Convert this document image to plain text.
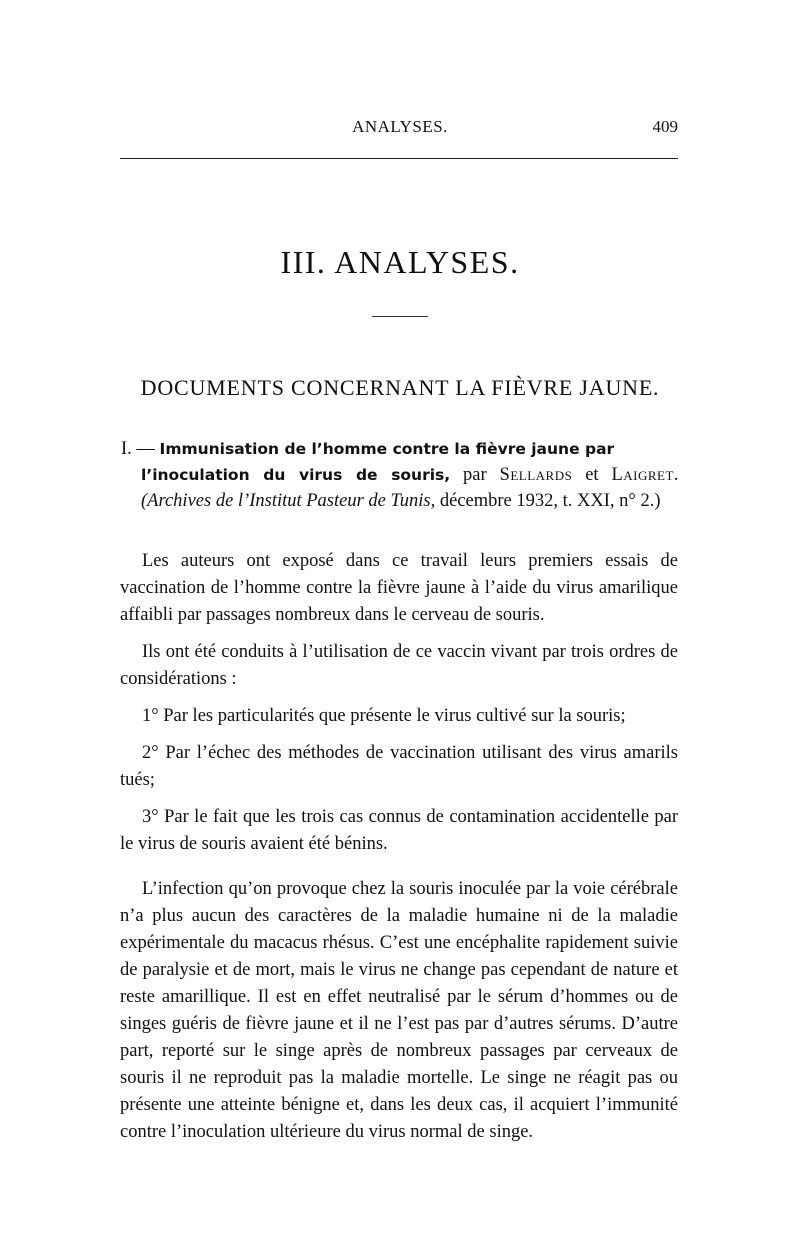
ANALYSES.	409
III. ANALYSES.
DOCUMENTS CONCERNANT LA FIÈVRE JAUNE.
I. — Immunisation de l’homme contre la fièvre jaune par
l’inoculation du virus de souris, par Sellards et Laigret. (Archives de l’Institut Pasteur de Tunis, décembre 1932, t. XXI, n° 2.)

Les auteurs ont exposé dans ce travail leurs premiers essais de vaccination de l’homme contre la fièvre jaune à l’aide du virus amarilique affaibli par passages nombreux dans le cerveau de souris.

Ils ont été conduits à l’utilisation de ce vaccin vivant par trois ordres de considérations :

1° Par les particularités que présente le virus cultivé sur la souris;

2° Par l’échec des méthodes de vaccination utilisant des virus amarils tués;

3° Par le fait que les trois cas connus de contamination accidentelle par le virus de souris avaient été bénins.

L’infection qu’on provoque chez la souris inoculée par la voie cérébrale n’a plus aucun des caractères de la maladie humaine ni de la maladie expérimentale du macacus rhésus. C’est une encéphalite rapidement suivie de paralysie et de mort, mais le virus ne change pas cependant de nature et reste amarillique. Il est en effet neutralisé par le sérum d’hommes ou de singes guéris de fièvre jaune et il ne l’est pas par d’autres sérums. D’autre part, reporté sur le singe après de nombreux passages par cerveaux de souris il ne reproduit pas la maladie mortelle. Le singe ne réagit pas ou présente une atteinte bénigne et, dans les deux cas, il acquiert l’immunité contre l’inoculation ultérieure du virus normal de singe.
